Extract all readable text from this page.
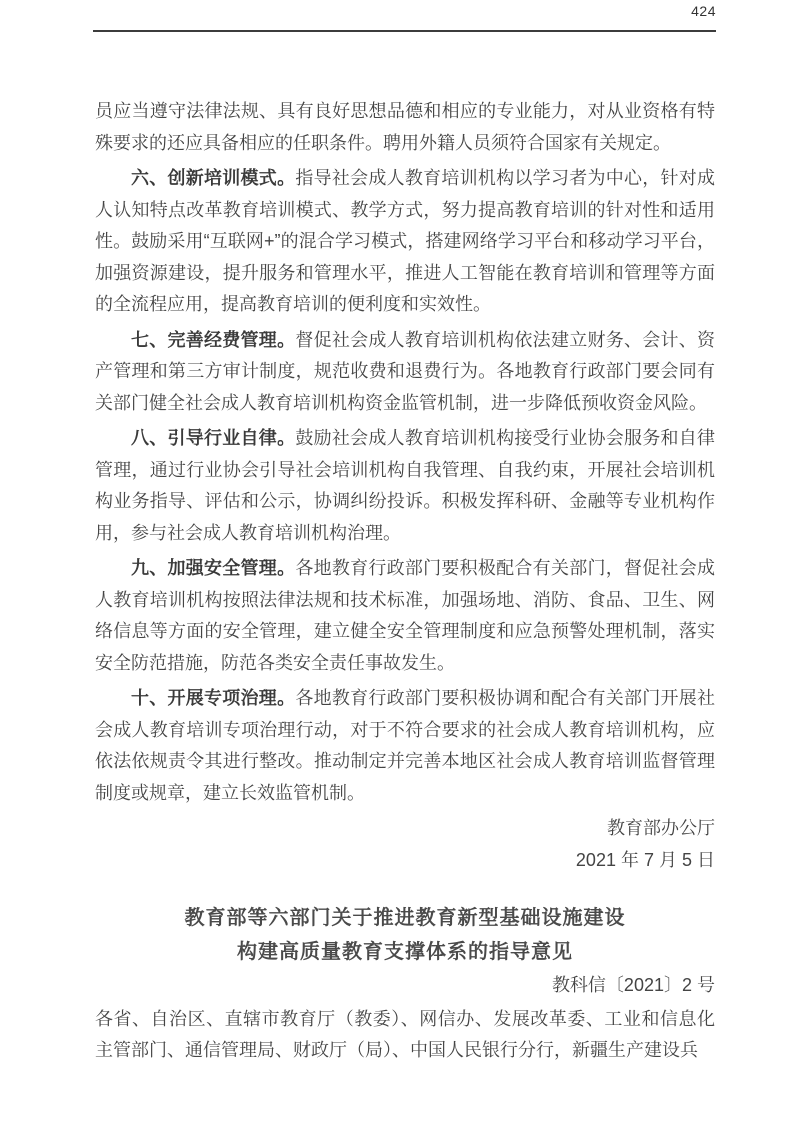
424

员应当遵守法律法规、具有良好思想品德和相应的专业能力，对从业资格有特殊要求的还应具备相应的任职条件。聘用外籍人员须符合国家有关规定。

六、创新培训模式。指导社会成人教育培训机构以学习者为中心，针对成人认知特点改革教育培训模式、教学方式，努力提高教育培训的针对性和适用性。鼓励采用“互联网+”的混合学习模式，搭建网络学习平台和移动学习平台，加强资源建设，提升服务和管理水平，推进人工智能在教育培训和管理等方面的全流程应用，提高教育培训的便利度和实效性。

七、完善经费管理。督促社会成人教育培训机构依法建立财务、会计、资产管理和第三方审计制度，规范收费和退费行为。各地教育行政部门要会同有关部门健全社会成人教育培训机构资金监管机制，进一步降低预收资金风险。

八、引导行业自律。鼓励社会成人教育培训机构接受行业协会服务和自律管理，通过行业协会引导社会培训机构自我管理、自我约束，开展社会培训机构业务指导、评估和公示，协调纠纷投诉。积极发挥科研、金融等专业机构作用，参与社会成人教育培训机构治理。

九、加强安全管理。各地教育行政部门要积极配合有关部门，督促社会成人教育培训机构按照法律法规和技术标准，加强场地、消防、食品、卫生、网络信息等方面的安全管理，建立健全安全管理制度和应急预警处理机制，落实安全防范措施，防范各类安全责任事故发生。

十、开展专项治理。各地教育行政部门要积极协调和配合有关部门开展社会成人教育培训专项治理行动，对于不符合要求的社会成人教育培训机构，应依法依规责令其进行整改。推动制定并完善本地区社会成人教育培训监督管理制度或规章，建立长效监管机制。

教育部办公厅
2021 年 7 月 5 日
教育部等六部门关于推进教育新型基础设施建设
构建高质量教育支撑体系的指导意见
教科信〔2021〕2 号

各省、自治区、直辖市教育厅（教委）、网信办、发展改革委、工业和信息化主管部门、通信管理局、财政厅（局）、中国人民银行分行，新疆生产建设兵
